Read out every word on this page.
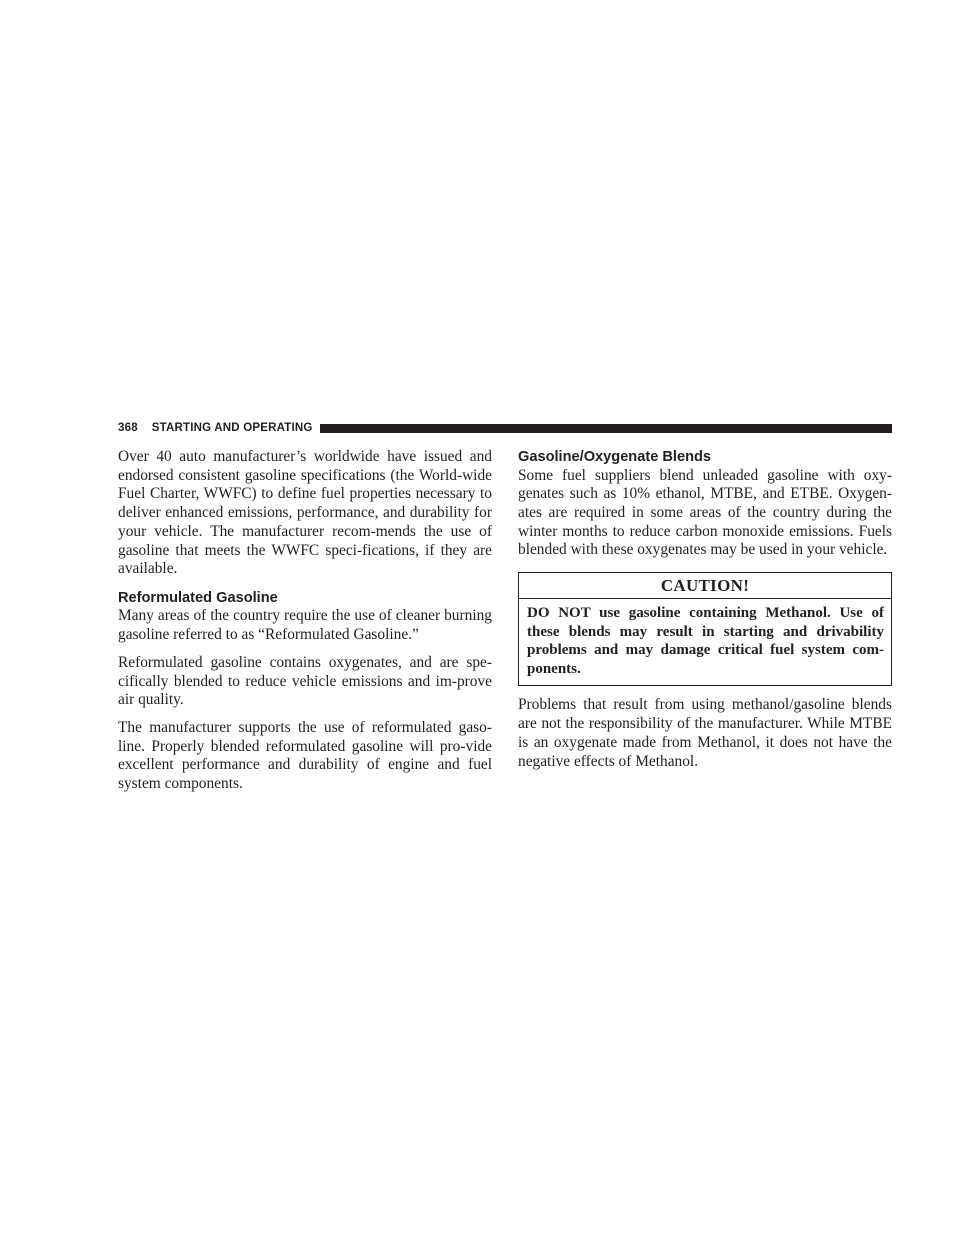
368 STARTING AND OPERATING

Over 40 auto manufacturer’s worldwide have issued and endorsed consistent gasoline specifications (the World-wide Fuel Charter, WWFC) to define fuel properties necessary to deliver enhanced emissions, performance, and durability for your vehicle. The manufacturer recom-mends the use of gasoline that meets the WWFC speci-fications, if they are available.

Reformulated Gasoline

Many areas of the country require the use of cleaner burning gasoline referred to as “Reformulated Gasoline.”

Reformulated gasoline contains oxygenates, and are spe-cifically blended to reduce vehicle emissions and im-prove air quality.

The manufacturer supports the use of reformulated gaso-line. Properly blended reformulated gasoline will pro-vide excellent performance and durability of engine and fuel system components.

Gasoline/Oxygenate Blends

Some fuel suppliers blend unleaded gasoline with oxy-genates such as 10% ethanol, MTBE, and ETBE. Oxygen-ates are required in some areas of the country during the winter months to reduce carbon monoxide emissions. Fuels blended with these oxygenates may be used in your vehicle.

CAUTION!
DO NOT use gasoline containing Methanol. Use of these blends may result in starting and drivability problems and may damage critical fuel system com-ponents.

Problems that result from using methanol/gasoline blends are not the responsibility of the manufacturer. While MTBE is an oxygenate made from Methanol, it does not have the negative effects of Methanol.
